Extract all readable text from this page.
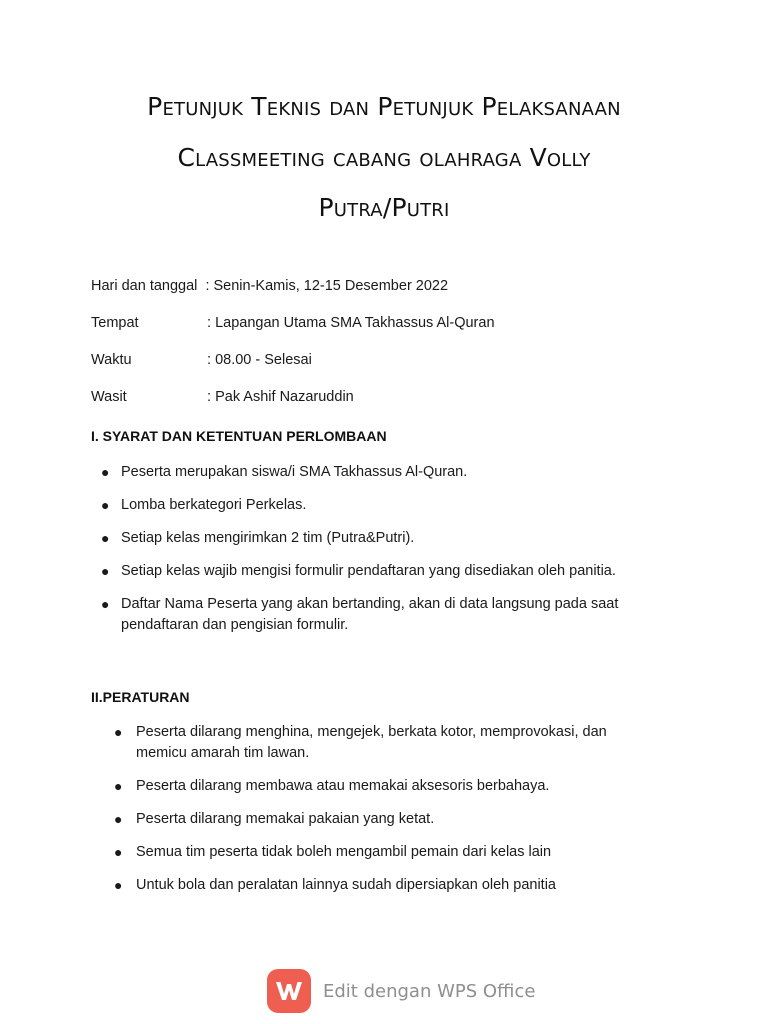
Petunjuk Teknis dan Petunjuk Pelaksanaan
Classmeeting cabang olahraga Volly
Putra/Putri
Hari dan tanggal : Senin-Kamis, 12-15 Desember 2022
Tempat	: Lapangan Utama SMA Takhassus Al-Quran
Waktu	: 08.00 - Selesai
Wasit	: Pak Ashif Nazaruddin
I. SYARAT DAN KETENTUAN PERLOMBAAN
● Peserta merupakan siswa/i SMA Takhassus Al-Quran.
● Lomba berkategori Perkelas.
● Setiap kelas mengirimkan 2 tim (Putra&Putri).
● Setiap kelas wajib mengisi formulir pendaftaran yang disediakan oleh panitia.
● Daftar Nama Peserta yang akan bertanding, akan di data langsung pada saat pendaftaran dan pengisian formulir.
II.PERATURAN
● Peserta dilarang menghina, mengejek, berkata kotor, memprovokasi, dan memicu amarah tim lawan.
● Peserta dilarang membawa atau memakai aksesoris berbahaya.
● Peserta dilarang memakai pakaian yang ketat.
● Semua tim peserta tidak boleh mengambil pemain dari kelas lain
● Untuk bola dan peralatan lainnya sudah dipersiapkan oleh panitia
Edit dengan WPS Office
